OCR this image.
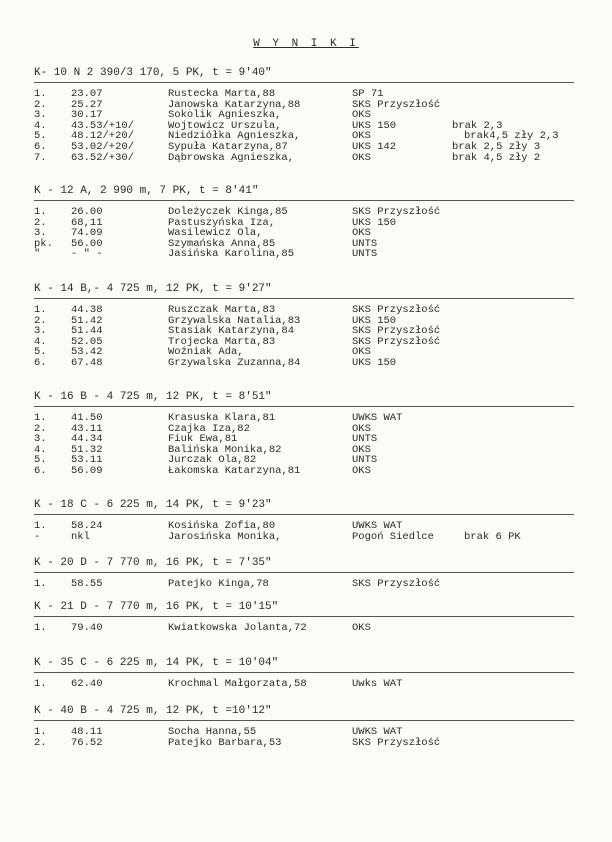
W Y N I K I
K- 10 N 2 390/3 170, 5 PK, t = 9'40"
1. 23.07	Rustecka Marta,88	SP 71
2. 25.27	Janowska Katarzyna,88	SKS Przyszłość
3. 30.17	Sokolik Agnieszka,	OKS
4. 43.53/+10/	Wojtowicz Urszula,	UKS 150	brak 2,3
5. 48.12/+20/	Niedziółka Agnieszka,	OKS	brak4,5 zły 2,3
6. 53.02/+20/	Sypuła Katarzyna,87	UKS 142	brak 2,5 zły 3
7. 63.52/+30/	Dąbrowska Agnieszka,	OKS	brak 4,5 zły 2
K - 12 A, 2 990 m, 7 PK, t = 8'41"
1. 26.00	Doleżyczek Kinga,85	SKS Przyszłość
2. 68,11	Pastuszyńska Iza,	UKS 150
3. 74.09	Wasilewicz Ola,	OKS
pk. 56.00	Szymańska Anna,85	UNTS
"	- " -	Jasińska Karolina,85	UNTS
K - 14 B,- 4 725 m, 12 PK, t = 9'27"
1. 44.38	Ruszczak Marta,83	SKS Przyszłość
2. 51.42	Grzywalska Natalia,83	UKS 150
3. 51.44	Stasiak Katarzyna,84	SKS Przyszłość
4. 52.05	Trojecka Marta,83	SKS Przyszłość
5. 53.42	Woźniak Ada,	OKS
6. 67.48	Grzywalska Zuzanna,84	UKS 150
K - 16 B - 4 725 m, 12 PK, t = 8'51"
1. 41.50	Krasuska Klara,81	UWKS WAT
2. 43.11	Czajka Iza,82	OKS
3. 44.34	Fiuk Ewa,81	UNTS
4. 51.32	Balińska Monika,82	OKS
5. 53.11	Jurczak Ola,82	UNTS
6. 56.09	Łakomska Katarzyna,81	OKS
K - 18 C - 6 225 m, 14 PK, t = 9'23"
1. 58.24	Kosińska Zofia,80	UWKS WAT
-	nkl	Jarosińska Monika,	Pogoń Siedlce	brak 6 PK
K - 20 D - 7 770 m, 16 PK, t = 7'35"
1. 58.55	Patejko Kinga,78	SKS Przyszłość
K - 21 D - 7 770 m, 16 PK, t = 10'15"
1. 79.40	Kwiatkowska Jolanta,72	OKS
K - 35 C - 6 225 m, 14 PK, t = 10'04"
1. 62.40	Krochmal Małgorzata,58	Uwks WAT
K - 40 B - 4 725 m, 12 PK, t =10'12"
1. 48.11	Socha Hanna,55	UWKS WAT
2. 76.52	Patejko Barbara,53	SKS Przyszłość
